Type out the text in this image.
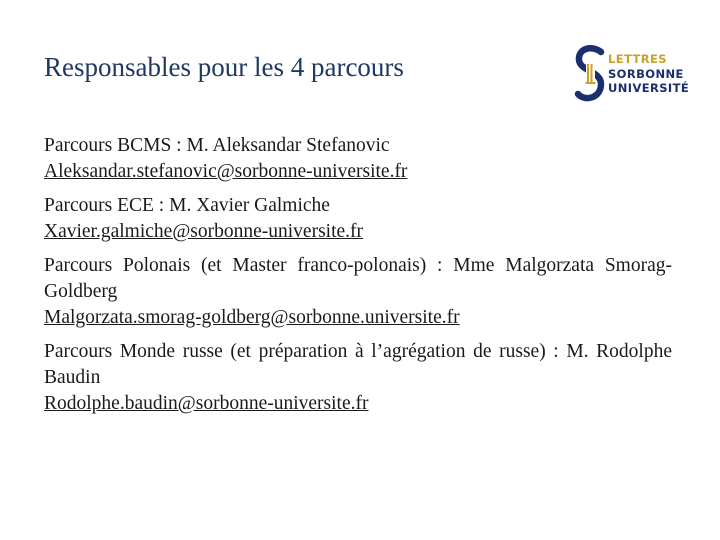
Responsables pour les 4 parcours	LETTRES
SORBONNE
UNIVERSITÉ

Parcours BCMS : M. Aleksandar Stefanovic

Aleksandar.stefanovic@sorbonne-universite.fr

Parcours ECE : M. Xavier Galmiche

Xavier.galmiche@sorbonne-universite.fr

Parcours Polonais (et Master franco-polonais) : Mme Malgorzata Smorag-Goldberg

Malgorzata.smorag-goldberg@sorbonne.universite.fr

Parcours Monde russe (et préparation à l’agrégation de russe) : M. Rodolphe Baudin

Rodolphe.baudin@sorbonne-universite.fr
